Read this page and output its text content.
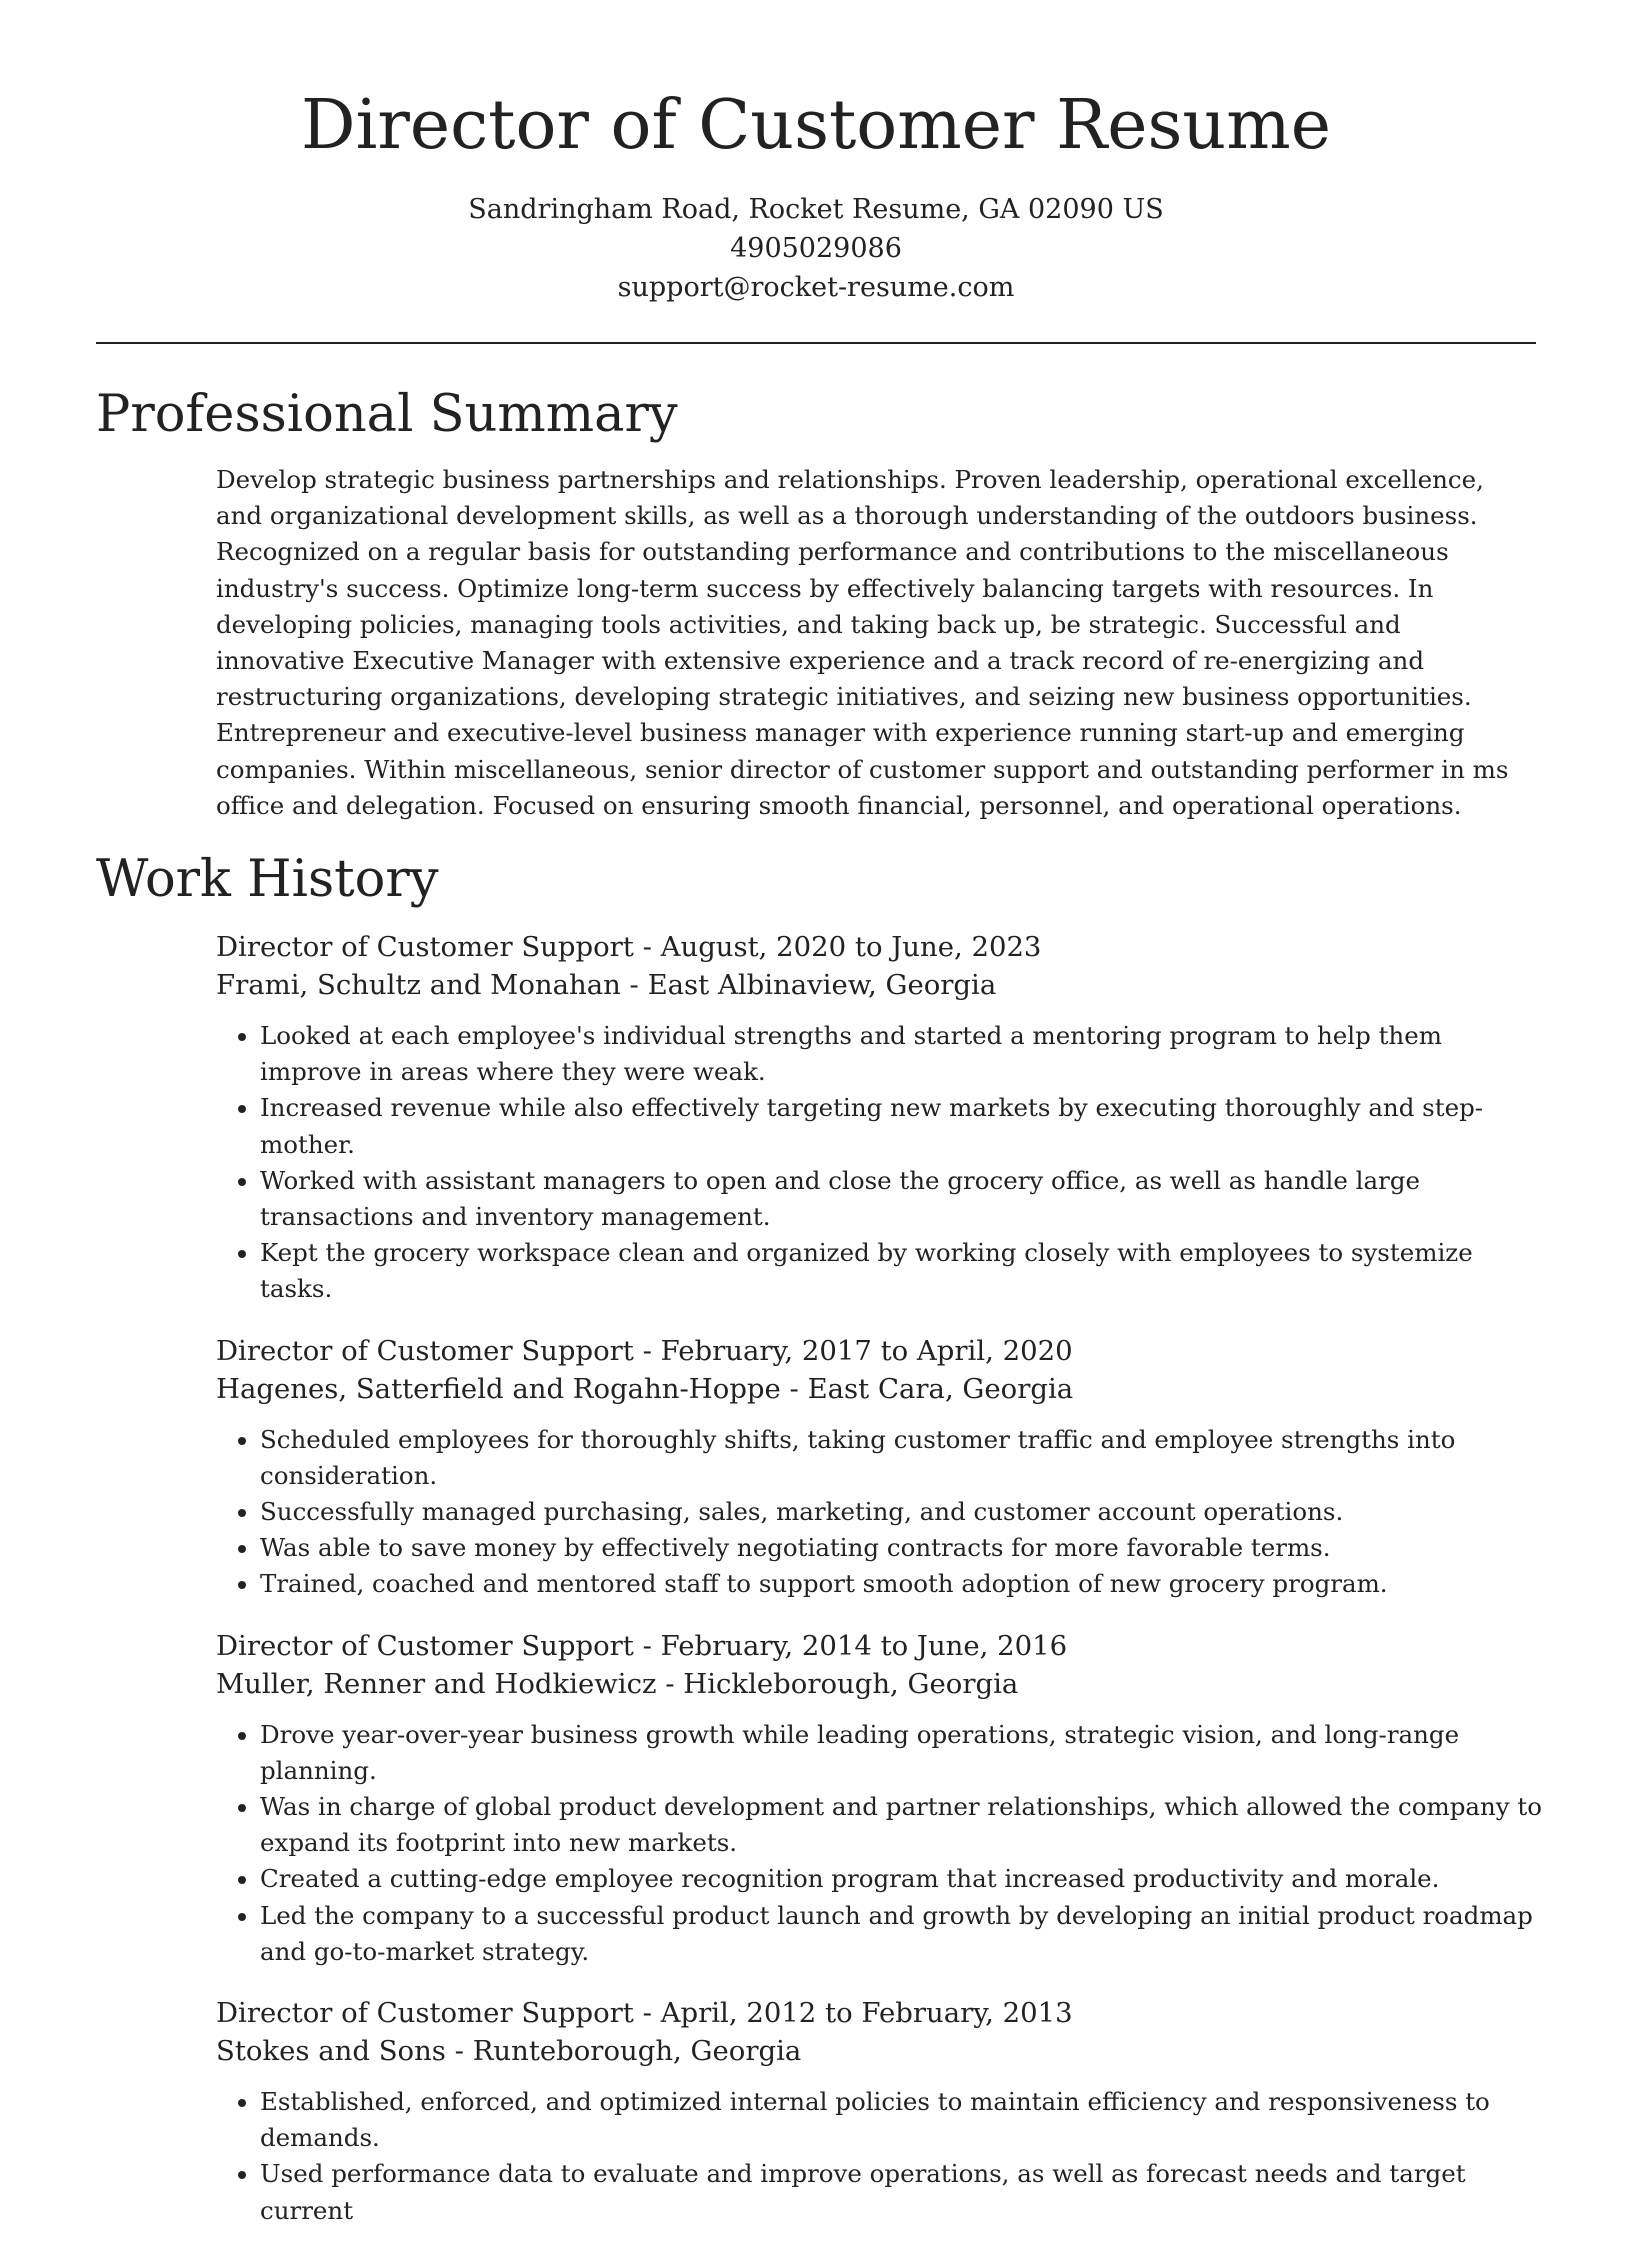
Director of Customer Resume
Sandringham Road, Rocket Resume, GA 02090 US
4905029086
support@rocket-resume.com
Professional Summary

Develop strategic business partnerships and relationships. Proven leadership, operational excellence, and organizational development skills, as well as a thorough understanding of the outdoors business. Recognized on a regular basis for outstanding performance and contributions to the miscellaneous industry's success. Optimize long-term success by effectively balancing targets with resources. In developing policies, managing tools activities, and taking back up, be strategic. Successful and innovative Executive Manager with extensive experience and a track record of re-energizing and restructuring organizations, developing strategic initiatives, and seizing new business opportunities. Entrepreneur and executive-level business manager with experience running start-up and emerging companies. Within miscellaneous, senior director of customer support and outstanding performer in ms office and delegation. Focused on ensuring smooth financial, personnel, and operational operations.

Work History
Director of Customer Support - August, 2020 to June, 2023
Frami, Schultz and Monahan - East Albinaview, Georgia
• Looked at each employee's individual strengths and started a mentoring program to help them improve in areas where they were weak.
• Increased revenue while also effectively targeting new markets by executing thoroughly and step-mother.
• Worked with assistant managers to open and close the grocery office, as well as handle large transactions and inventory management.
• Kept the grocery workspace clean and organized by working closely with employees to systemize tasks.
Director of Customer Support - February, 2017 to April, 2020
Hagenes, Satterfield and Rogahn-Hoppe - East Cara, Georgia
• Scheduled employees for thoroughly shifts, taking customer traffic and employee strengths into consideration.
• Successfully managed purchasing, sales, marketing, and customer account operations.
• Was able to save money by effectively negotiating contracts for more favorable terms.
• Trained, coached and mentored staff to support smooth adoption of new grocery program.
Director of Customer Support - February, 2014 to June, 2016
Muller, Renner and Hodkiewicz - Hickleborough, Georgia
• Drove year-over-year business growth while leading operations, strategic vision, and long-range planning.
• Was in charge of global product development and partner relationships, which allowed the company to expand its footprint into new markets.
• Created a cutting-edge employee recognition program that increased productivity and morale.
• Led the company to a successful product launch and growth by developing an initial product roadmap and go-to-market strategy.
Director of Customer Support - April, 2012 to February, 2013
Stokes and Sons - Runteborough, Georgia
• Established, enforced, and optimized internal policies to maintain efficiency and responsiveness to demands.
• Used performance data to evaluate and improve operations, as well as forecast needs and target current
